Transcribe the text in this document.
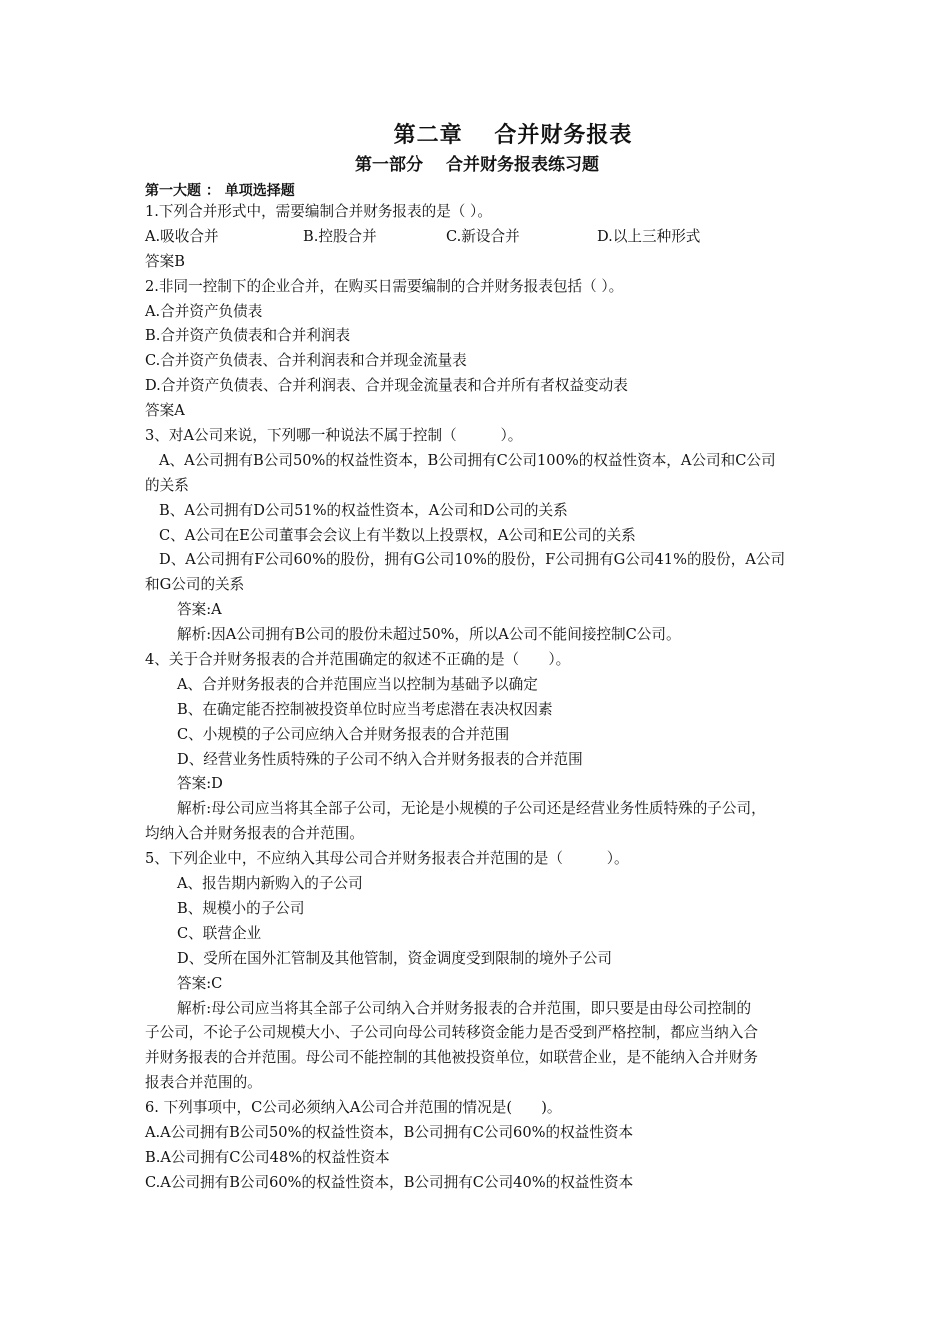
第二章　 合并财务报表
第一部分　 合并财务报表练习题
第一大题 ： 单项选择题
1.下列合并形式中，需要编制合并财务报表的是（ ）。
A.吸收合并	B.控股合并	C.新设合并	D.以上三种形式
答案B
2.非同一控制下的企业合并，在购买日需要编制的合并财务报表包括（ ）。
A.合并资产负债表
B.合并资产负债表和合并利润表
C.合并资产负债表、合并利润表和合并现金流量表
D.合并资产负债表、合并利润表、合并现金流量表和合并所有者权益变动表
答案A
3、对A公司来说，下列哪一种说法不属于控制（　　　）。
A、A公司拥有B公司50%的权益性资本，B公司拥有C公司100%的权益性资本，A公司和C公司
的关系
B、A公司拥有D公司51%的权益性资本，A公司和D公司的关系
C、A公司在E公司董事会会议上有半数以上投票权，A公司和E公司的关系
D、A公司拥有F公司60%的股份，拥有G公司10%的股份，F公司拥有G公司41%的股份，A公司
和G公司的关系
答案:A
解析:因A公司拥有B公司的股份未超过50%，所以A公司不能间接控制C公司。
4、关于合并财务报表的合并范围确定的叙述不正确的是（　　）。
A、合并财务报表的合并范围应当以控制为基础予以确定
B、在确定能否控制被投资单位时应当考虑潜在表决权因素
C、小规模的子公司应纳入合并财务报表的合并范围
D、经营业务性质特殊的子公司不纳入合并财务报表的合并范围
答案:D
解析:母公司应当将其全部子公司，无论是小规模的子公司还是经营业务性质特殊的子公司，
均纳入合并财务报表的合并范围。
5、下列企业中，不应纳入其母公司合并财务报表合并范围的是（　　　）。
A、报告期内新购入的子公司
B、规模小的子公司
C、联营企业
D、受所在国外汇管制及其他管制，资金调度受到限制的境外子公司
答案:C
解析:母公司应当将其全部子公司纳入合并财务报表的合并范围，即只要是由母公司控制的
子公司，不论子公司规模大小、子公司向母公司转移资金能力是否受到严格控制，都应当纳入合
并财务报表的合并范围。母公司不能控制的其他被投资单位，如联营企业，是不能纳入合并财务
报表合并范围的。
6. 下列事项中，C公司必须纳入A公司合并范围的情况是(　　)。
A.A公司拥有B公司50%的权益性资本，B公司拥有C公司60%的权益性资本
B.A公司拥有C公司48%的权益性资本
C.A公司拥有B公司60%的权益性资本，B公司拥有C公司40%的权益性资本
